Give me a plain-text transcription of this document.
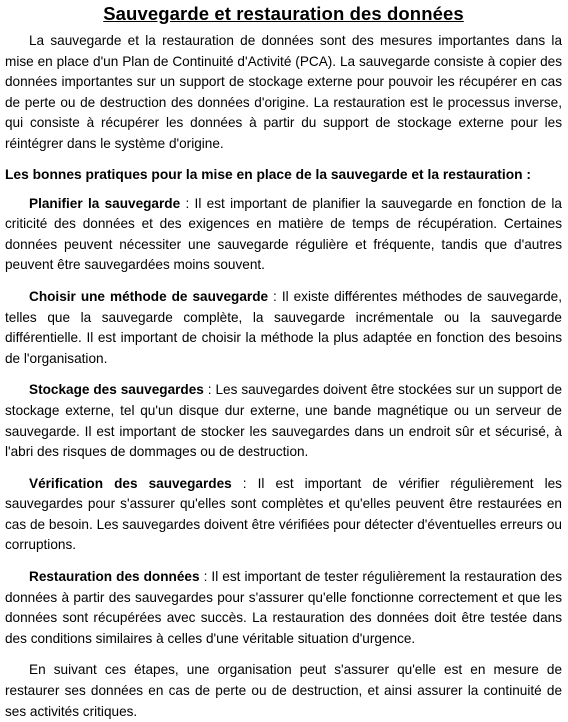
Sauvegarde et restauration des données

La sauvegarde et la restauration de données sont des mesures importantes dans la mise en place d'un Plan de Continuité d'Activité (PCA). La sauvegarde consiste à copier des données importantes sur un support de stockage externe pour pouvoir les récupérer en cas de perte ou de destruction des données d'origine. La restauration est le processus inverse, qui consiste à récupérer les données à partir du support de stockage externe pour les réintégrer dans le système d'origine.

Les bonnes pratiques pour la mise en place de la sauvegarde et la restauration :

Planifier la sauvegarde : Il est important de planifier la sauvegarde en fonction de la criticité des données et des exigences en matière de temps de récupération. Certaines données peuvent nécessiter une sauvegarde régulière et fréquente, tandis que d'autres peuvent être sauvegardées moins souvent.

Choisir une méthode de sauvegarde : Il existe différentes méthodes de sauvegarde, telles que la sauvegarde complète, la sauvegarde incrémentale ou la sauvegarde différentielle. Il est important de choisir la méthode la plus adaptée en fonction des besoins de l'organisation.

Stockage des sauvegardes : Les sauvegardes doivent être stockées sur un support de stockage externe, tel qu'un disque dur externe, une bande magnétique ou un serveur de sauvegarde. Il est important de stocker les sauvegardes dans un endroit sûr et sécurisé, à l'abri des risques de dommages ou de destruction.

Vérification des sauvegardes : Il est important de vérifier régulièrement les sauvegardes pour s'assurer qu'elles sont complètes et qu'elles peuvent être restaurées en cas de besoin. Les sauvegardes doivent être vérifiées pour détecter d'éventuelles erreurs ou corruptions.

Restauration des données : Il est important de tester régulièrement la restauration des données à partir des sauvegardes pour s'assurer qu'elle fonctionne correctement et que les données sont récupérées avec succès. La restauration des données doit être testée dans des conditions similaires à celles d'une véritable situation d'urgence.

En suivant ces étapes, une organisation peut s'assurer qu'elle est en mesure de restaurer ses données en cas de perte ou de destruction, et ainsi assurer la continuité de ses activités critiques.
